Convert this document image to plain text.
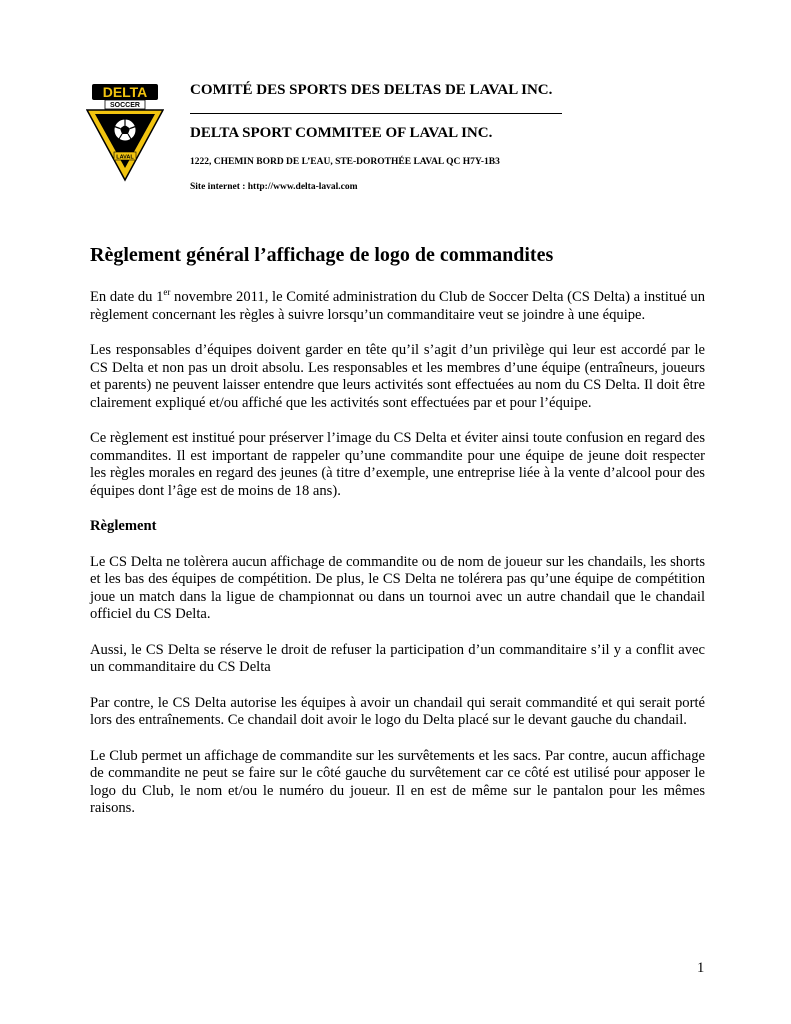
DELTA
SOCCER
LAVAL

COMITÉ DES SPORTS DES DELTAS DE LAVAL INC.

DELTA SPORT COMMITEE OF LAVAL INC.

1222, CHEMIN BORD DE L’EAU, STE-DOROTHÉE LAVAL QC H7Y-1B3

Site internet : http://www.delta-laval.com

Règlement général l’affichage de logo de commandites

En date du 1er novembre 2011, le Comité administration du Club de Soccer Delta (CS Delta) a institué un règlement concernant les règles à suivre lorsqu’un commanditaire veut se joindre à une équipe.

Les responsables d’équipes doivent garder en tête qu’il s’agit d’un privilège qui leur est accordé par le CS Delta et non pas un droit absolu. Les responsables et les membres d’une équipe (entraîneurs, joueurs et parents) ne peuvent laisser entendre que leurs activités sont effectuées au nom du CS Delta. Il doit être clairement expliqué et/ou affiché que les activités sont effectuées par et pour l’équipe.

Ce règlement est institué pour préserver l’image du CS Delta et éviter ainsi toute confusion en regard des commandites. Il est important de rappeler qu’une commandite pour une équipe de jeune doit respecter les règles morales en regard des jeunes (à titre d’exemple, une entreprise liée à la vente d’alcool pour des équipes dont l’âge est de moins de 18 ans).

Règlement

Le CS Delta ne tolèrera aucun affichage de commandite ou de nom de joueur sur les chandails, les shorts et les bas des équipes de compétition. De plus, le CS Delta ne tolérera pas qu’une équipe de compétition joue un match dans la ligue de championnat ou dans un tournoi avec un autre chandail que le chandail officiel du CS Delta.

Aussi, le CS Delta se réserve le droit de refuser la participation d’un commanditaire s’il y a conflit avec un commanditaire du CS Delta

Par contre, le CS Delta autorise les équipes à avoir un chandail qui serait commandité et qui serait porté lors des entraînements. Ce chandail doit avoir le logo du Delta placé sur le devant gauche du chandail.

Le Club permet un affichage de commandite sur les survêtements et les sacs. Par contre, aucun affichage de commandite ne peut se faire sur le côté gauche du survêtement car ce côté est utilisé pour apposer le logo du Club, le nom et/ou le numéro du joueur. Il en est de même sur le pantalon pour les mêmes raisons.

1
